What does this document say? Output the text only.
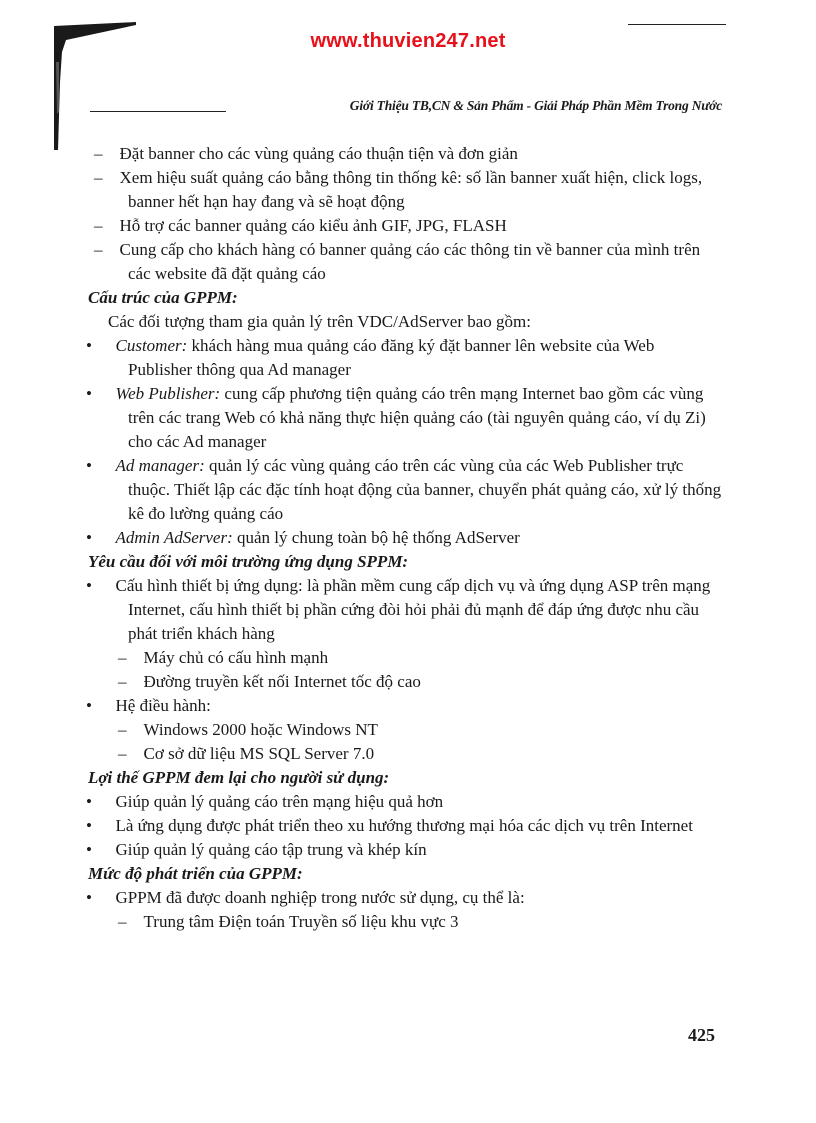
www.thuvien247.net
Giới Thiệu TB,CN & Sản Phẩm - Giải Pháp Phần Mềm Trong Nước

– Đặt banner cho các vùng quảng cáo thuận tiện và đơn giản

– Xem hiệu suất quảng cáo bằng thông tin thống kê: số lần banner xuất hiện, click logs, banner hết hạn hay đang và sẽ hoạt động

– Hỗ trợ các banner quảng cáo kiểu ảnh GIF, JPG, FLASH

– Cung cấp cho khách hàng có banner quảng cáo các thông tin về banner của mình trên các website đã đặt quảng cáo

Cấu trúc của GPPM:

Các đối tượng tham gia quản lý trên VDC/AdServer bao gồm:

• Customer: khách hàng mua quảng cáo đăng ký đặt banner lên website của Web Publisher thông qua Ad manager

• Web Publisher: cung cấp phương tiện quảng cáo trên mạng Internet bao gồm các vùng trên các trang Web có khả năng thực hiện quảng cáo (tài nguyên quảng cáo, ví dụ Zi) cho các Ad manager

• Ad manager: quản lý các vùng quảng cáo trên các vùng của các Web Publisher trực thuộc. Thiết lập các đặc tính hoạt động của banner, chuyển phát quảng cáo, xử lý thống kê đo lường quảng cáo

• Admin AdServer: quản lý chung toàn bộ hệ thống AdServer

Yêu cầu đối với môi trường ứng dụng SPPM:

• Cấu hình thiết bị ứng dụng: là phần mềm cung cấp dịch vụ và ứng dụng ASP trên mạng Internet, cấu hình thiết bị phần cứng đòi hỏi phải đủ mạnh để đáp ứng được nhu cầu phát triển khách hàng

– Máy chủ có cấu hình mạnh

– Đường truyền kết nối Internet tốc độ cao

• Hệ điều hành:

– Windows 2000 hoặc Windows NT

– Cơ sở dữ liệu MS SQL Server 7.0

Lợi thế GPPM đem lại cho người sử dụng:

• Giúp quản lý quảng cáo trên mạng hiệu quả hơn

• Là ứng dụng được phát triển theo xu hướng thương mại hóa các dịch vụ trên Internet

• Giúp quản lý quảng cáo tập trung và khép kín

Mức độ phát triển của GPPM:

• GPPM đã được doanh nghiệp trong nước sử dụng, cụ thể là:

– Trung tâm Điện toán Truyền số liệu khu vực 3

425
